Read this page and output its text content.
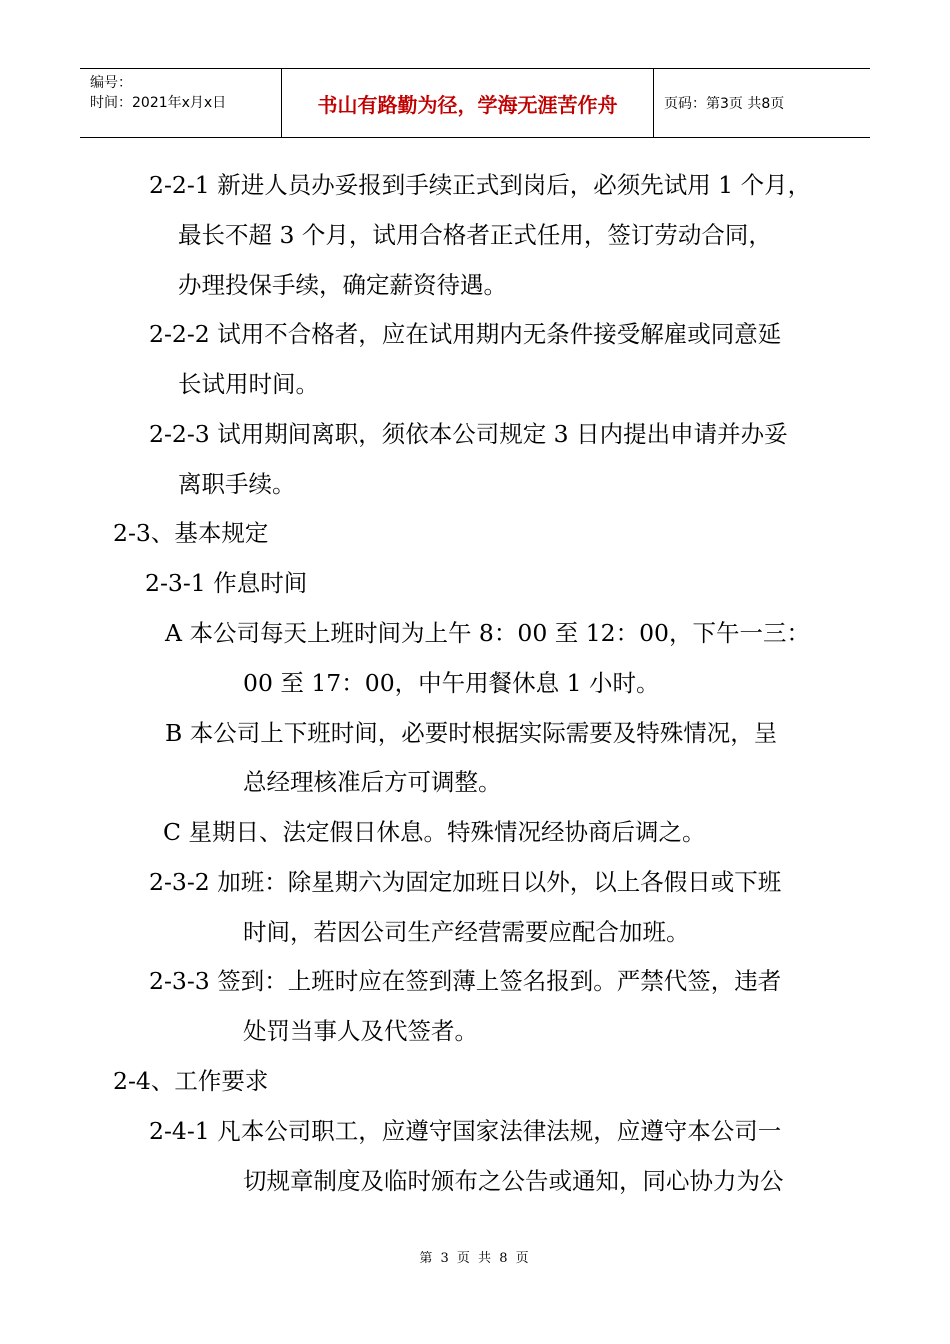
编号：
时间：2021年x月x日	书山有路勤为径，学海无涯苦作舟	页码：第3页 共8页
2-2-1 新进人员办妥报到手续正式到岗后，必须先试用 1 个月，
最长不超 3 个月，试用合格者正式任用，签订劳动合同，
办理投保手续，确定薪资待遇。
2-2-2 试用不合格者，应在试用期内无条件接受解雇或同意延
长试用时间。
2-2-3 试用期间离职，须依本公司规定 3 日内提出申请并办妥
离职手续。
2-3、基本规定
2-3-1 作息时间
A 本公司每天上班时间为上午 8：00 至 12：00，下午一三：
00 至 17：00，中午用餐休息 1 小时。
B 本公司上下班时间，必要时根据实际需要及特殊情况，呈
总经理核准后方可调整。
C 星期日、法定假日休息。特殊情况经协商后调之。
2-3-2 加班：除星期六为固定加班日以外，以上各假日或下班
时间，若因公司生产经营需要应配合加班。
2-3-3 签到：上班时应在签到薄上签名报到。严禁代签，违者
处罚当事人及代签者。
2-4、工作要求
2-4-1 凡本公司职工，应遵守国家法律法规，应遵守本公司一
切规章制度及临时颁布之公告或通知，同心协力为公
第 3 页 共 8 页
